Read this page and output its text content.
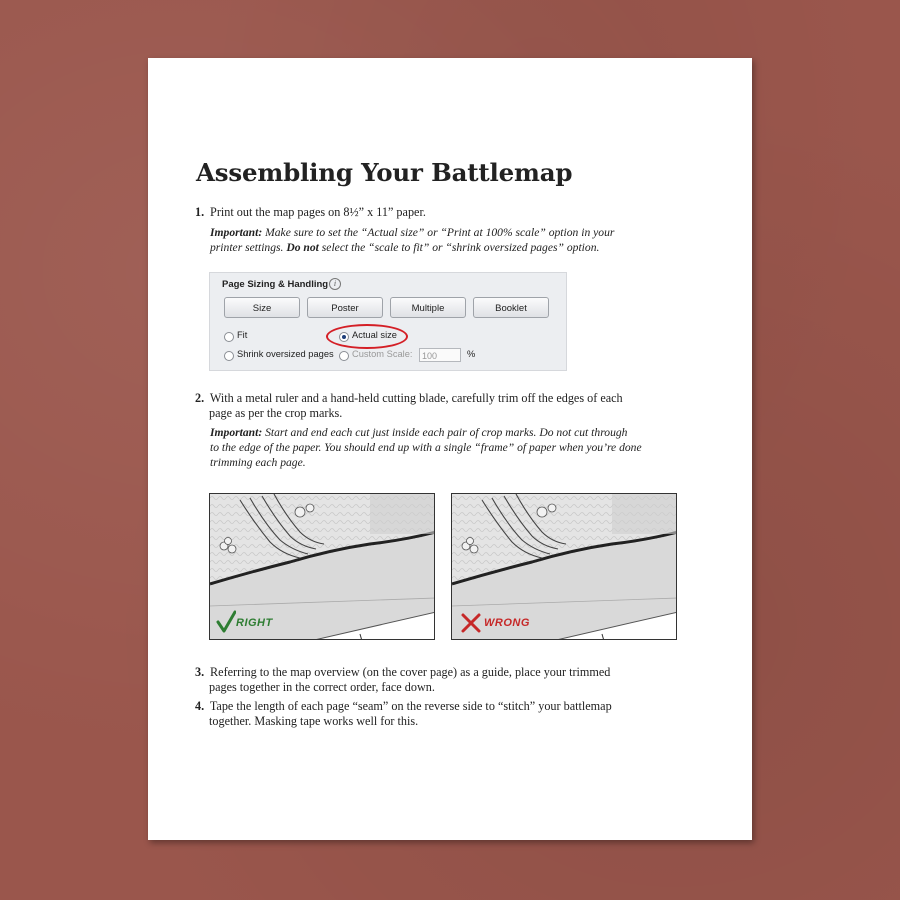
Assembling Your Battlemap
1. Print out the map pages on 8½” x 11” paper.
Important: Make sure to set the “Actual size” or “Print at 100% scale” option in your
printer settings. Do not select the “scale to fit” or “shrink oversized pages” option.
Page Sizing & Handling i
Size	Poster	Multiple	Booklet
Fit	Actual size
Shrink oversized pages Custom Scale:	100	%
2. With a metal ruler and a hand-held cutting blade, carefully trim off the edges of each
page as per the crop marks.
Important: Start and end each cut just inside each pair of crop marks. Do not cut through
to the edge of the paper. You should end up with a single “frame” of paper when you’re done
trimming each page.
RIGHT	WRONG
3. Referring to the map overview (on the cover page) as a guide, place your trimmed
pages together in the correct order, face down.
4. Tape the length of each page “seam” on the reverse side to “stitch” your battlemap
together. Masking tape works well for this.
